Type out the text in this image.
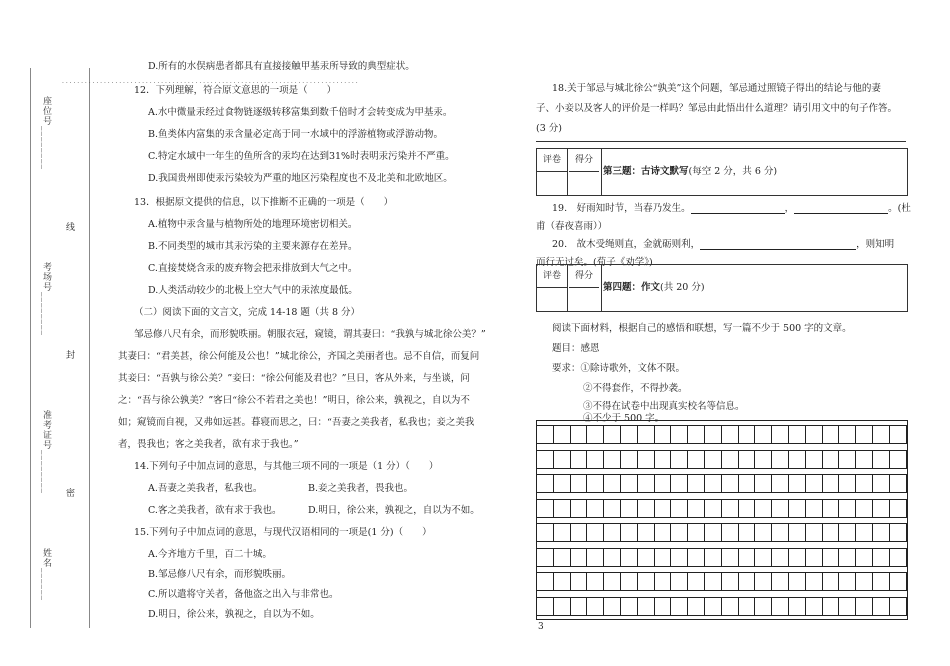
. . . . . . . . . . . . . . . . . . . . . . . . . . . . . . . . . . . . . . . . . . . . . . . . . . . . . . . . . . . . . . . . . . . . . . . . . . . . . .
座位号________
考场号________
准考证号________
姓名______
线
封
密
D.所有的水俣病患者都具有直接接触甲基汞所导致的典型症状。
12．下列理解，符合原文意思的一项是（　　）
A.水中微量汞经过食物链逐级转移富集到数千倍时才会转变成为甲基汞。
B.鱼类体内富集的汞含量必定高于同一水域中的浮游植物或浮游动物。
C.特定水域中一年生的鱼所含的汞均在达到31%时表明汞污染并不严重。
D.我国贵州即使汞污染较为严重的地区污染程度也不及北美和北欧地区。
13．根据原文提供的信息，以下推断不正确的一项是（　　）
A.植物中汞含量与植物所处的地理环境密切相关。
B.不同类型的城市其汞污染的主要来源存在差异。
C.直接焚烧含汞的废弃物会把汞排放到大气之中。
D.人类活动较少的北极上空大气中的汞浓度最低。
（二）阅读下面的文言文，完成 14-18 题（共 8 分）
邹忌修八尺有余，而形貌昳丽。朝服衣冠，窥镜，谓其妻曰：“我孰与城北徐公美？”
其妻曰：“君美甚，徐公何能及公也！”城北徐公，齐国之美丽者也。忌不自信，而复问
其妾曰：“吾孰与徐公美？”妾曰：“徐公何能及君也？”旦日，客从外来，与坐谈，问
之：“吾与徐公孰美？”客曰“徐公不若君之美也！”明日，徐公来，孰视之，自以为不
如；窥镜而自视，又弗如远甚。暮寝而思之，曰：“吾妻之美我者，私我也；妾之美我
者，畏我也；客之美我者，欲有求于我也。”
14.下列句子中加点词的意思，与其他三项不同的一项是（1 分）（　　）
A.吾妻之美我者，私我也。	B.妾之美我者，畏我也。
C.客之美我者，欲有求于我也。	D.明日，徐公来，孰视之，自以为不如。
15.下列句子中加点词的意思，与现代汉语相同的一项是(1 分)（　　）
A.今齐地方千里，百二十城。
B.邹忌修八尺有余，而形貌昳丽。
C.所以遣将守关者，备他盗之出入与非常也。
D.明日，徐公来，孰视之，自以为不如。
18.关于邹忌与城北徐公“孰美”这个问题，邹忌通过照镜子得出的结论与他的妻
子、小妾以及客人的评价是一样吗？邹忌由此悟出什么道理？请引用文中的句子作答。
(3 分)
评卷	得分
第三题：古诗文默写(每空 2 分，共 6 分)
19.　好雨知时节，当春乃发生。	，	。(杜
甫（春夜喜雨））
20.　故木受绳则直，金就砺则利，	，则知明
而行无过矣。(荀子《劝学》)
评卷	得分
第四题：作文(共 20 分)
阅读下面材料，根据自己的感悟和联想，写一篇不少于 500 字的文章。
题目：感恩
要求：①除诗歌外，文体不限。
②不得套作，不得抄袭。
③不得在试卷中出现真实校名等信息。
④不少于 500 字。
3
